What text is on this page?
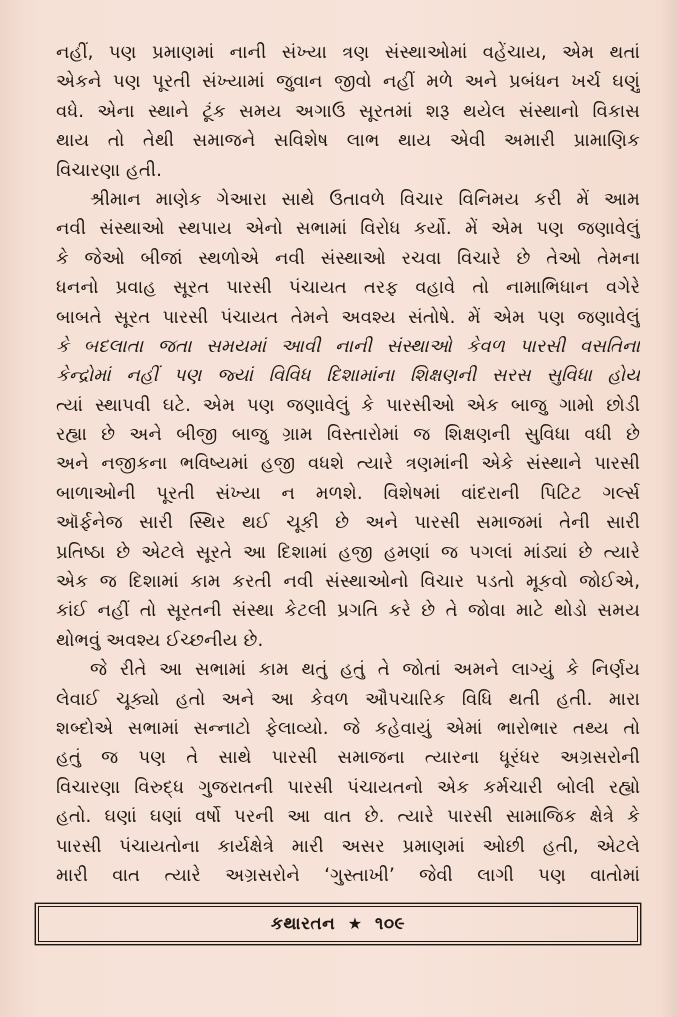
નહીં, પણ પ્રમાણમાં નાની સંખ્યા ત્રણ સંસ્થાઓમાં વહેંચાય, એમ થતાં
એકને પણ પૂરતી સંખ્યામાં જુવાન જીવો નહીં મળે અને પ્રબંધન ખર્ચ ઘણું
વધે. એના સ્થાને ટૂંક સમય અગાઉ સૂરતમાં શરૂ થયેલ સંસ્થાનો વિકાસ
થાય તો તેથી સમાજને સવિશેષ લાભ થાય એવી અમારી પ્રામાણિક
વિચારણા હતી.
શ્રીમાન માણેક ગેઆરા સાથે ઉતાવળે વિચાર વિનિમય કરી મેં આમ
નવી સંસ્થાઓ સ્થપાય એનો સભામાં વિરોધ કર્યો. મેં એમ પણ જણાવેલું
કે જેઓ બીજાં સ્થળોએ નવી સંસ્થાઓ રચવા વિચારે છે તેઓ તેમના
ધનનો પ્રવાહ સૂરત પારસી પંચાયત તરફ વહાવે તો નામાભિધાન વગેરે
બાબતે સૂરત પારસી પંચાયત તેમને અવશ્ય સંતોષે. મેં એમ પણ જણાવેલું
કે બદલાતા જતા સમયમાં આવી નાની સંસ્થાઓ કેવળ પારસી વસતિના
કેન્દ્રોમાં નહીં પણ જ્યાં વિવિધ દિશામાંના શિક્ષણની સરસ સુવિધા હોય
ત્યાં સ્થાપવી ઘટે. એમ પણ જણાવેલું કે પારસીઓ એક બાજુ ગામો છોડી
રહ્યા છે અને બીજી બાજુ ગ્રામ વિસ્તારોમાં જ શિક્ષણની સુવિધા વધી છે
અને નજીકના ભવિષ્યમાં હજી વધશે ત્યારે ત્રણમાંની એકે સંસ્થાને પારસી
બાળાઓની પૂરતી સંખ્યા ન મળશે. વિશેષમાં વાંદરાની પિટિટ ગર્લ્સ
ઑર્ફનેજ સારી સ્થિર થઈ ચૂકી છે અને પારસી સમાજમાં તેની સારી
પ્રતિષ્ઠા છે એટલે સૂરતે આ દિશામાં હજી હમણાં જ પગલાં માંડ્યાં છે ત્યારે
એક જ દિશામાં કામ કરતી નવી સંસ્થાઓનો વિચાર પડતો મૂકવો જોઈએ,
કાંઈ નહીં તો સૂરતની સંસ્થા કેટલી પ્રગતિ કરે છે તે જોવા માટે થોડો સમય
થોભવું અવશ્ય ઈચ્છનીય છે.
જે રીતે આ સભામાં કામ થતું હતું તે જોતાં અમને લાગ્યું કે નિર્ણય
લેવાઈ ચૂક્યો હતો અને આ કેવળ ઔપચારિક વિધિ થતી હતી. મારા
શબ્દોએ સભામાં સન્નાટો ફેલાવ્યો. જે કહેવાયું એમાં ભારોભાર તથ્ય તો
હતું જ પણ તે સાથે પારસી સમાજના ત્યારના ધૂરંધર અગ્રસરોની
વિચારણા વિરુદ્ધ ગુજરાતની પારસી પંચાયતનો એક કર્મચારી બોલી રહ્યો
હતો. ઘણાં ઘણાં વર્ષો પરની આ વાત છે. ત્યારે પારસી સામાજિક ક્ષેત્રે કે
પારસી પંચાયતોના કાર્યક્ષેત્રે મારી અસર પ્રમાણમાં ઓછી હતી, એટલે
મારી વાત ત્યારે અગ્રસરોને ‘ગુસ્તાખી’ જેવી લાગી પણ વાતોમાં
કથારતન ★ ૧૦૯
